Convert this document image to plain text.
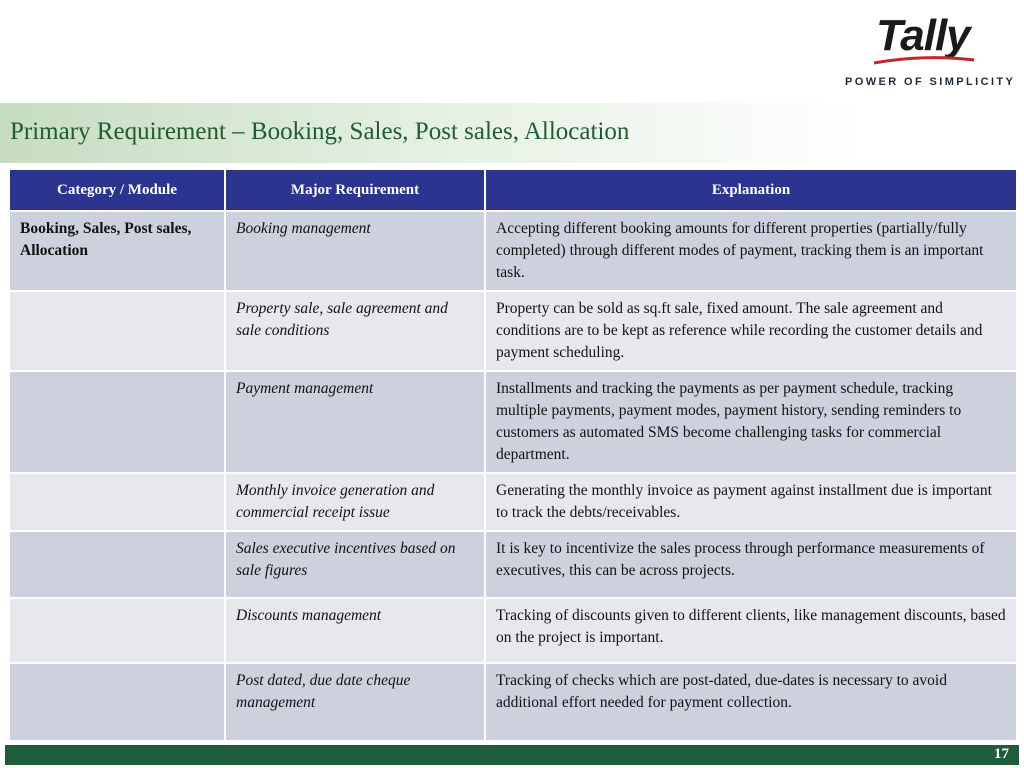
Tally
POWER OF SIMPLICITY
Primary Requirement – Booking, Sales, Post sales, Allocation
Category / Module	Major Requirement	Explanation
Booking, Sales, Post sales, Allocation	Booking management	Accepting different booking amounts for different properties (partially/fully completed) through different modes of payment, tracking them is an important task.
	Property sale, sale agreement and sale conditions	Property can be sold as sq.ft sale, fixed amount. The sale agreement and conditions are to be kept as reference while recording the customer details and payment scheduling.
	Payment management	Installments and tracking the payments as per payment schedule, tracking multiple payments, payment modes, payment history, sending reminders to customers as automated SMS become challenging tasks for commercial department.
	Monthly invoice generation and commercial receipt issue	Generating the monthly invoice as payment against installment due is important to track the debts/receivables.
	Sales executive incentives based on sale figures	It is key to incentivize the sales process through performance measurements of executives, this can be across projects.
	Discounts management	Tracking of discounts given to different clients, like management discounts, based on the project is important.
	Post dated, due date cheque management	Tracking of checks which are post-dated, due-dates is necessary to avoid additional effort needed for payment collection.
17
